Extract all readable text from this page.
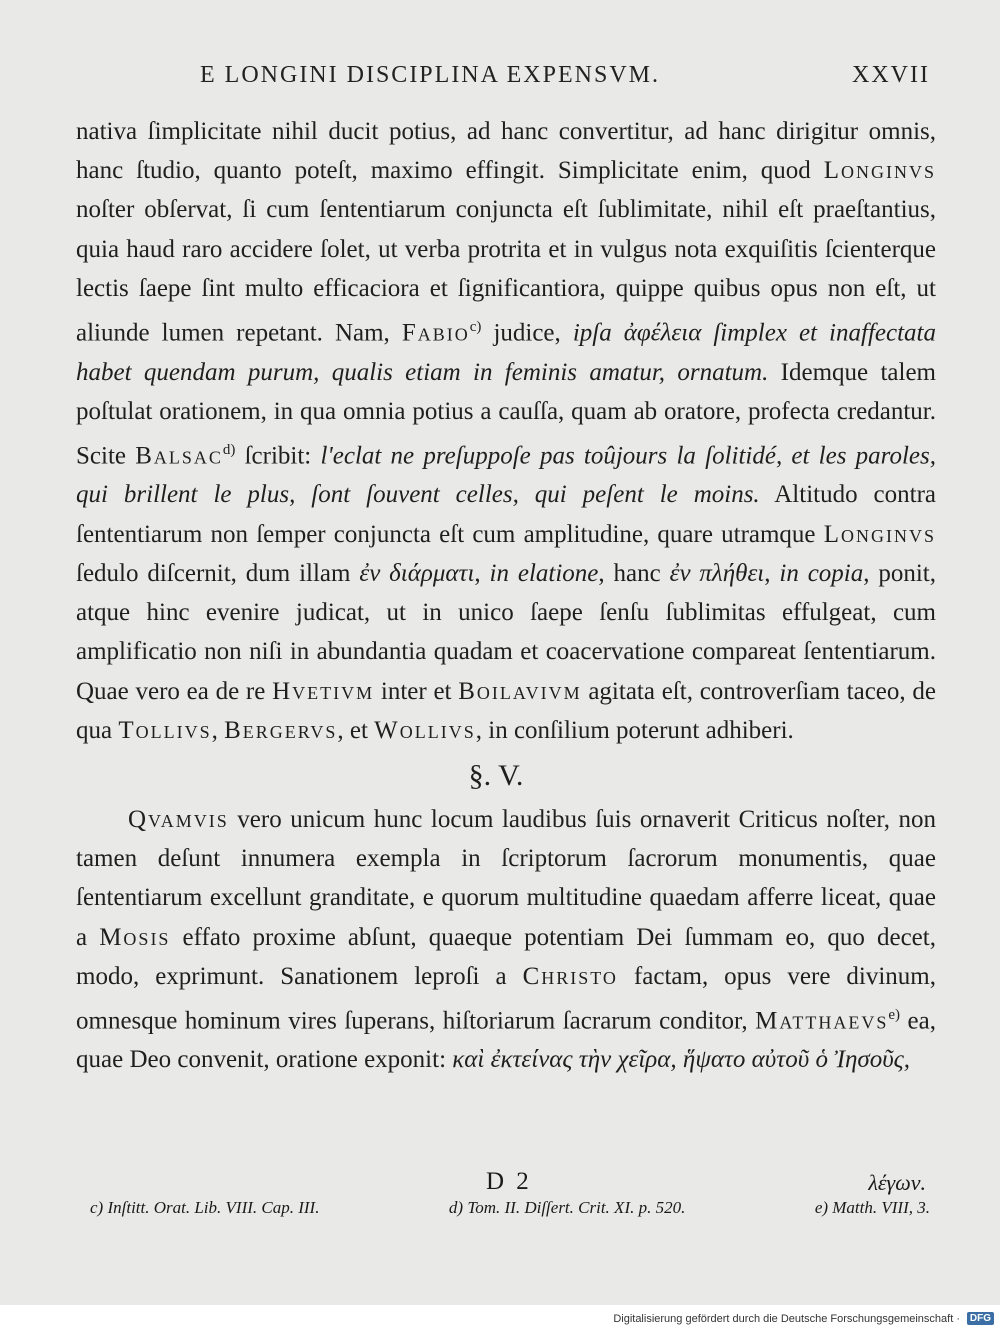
E LONGINI DISCIPLINA EXPENSVM.	XXVII

nativa ſimplicitate nihil ducit potius, ad hanc convertitur, ad hanc dirigitur omnis, hanc ſtudio, quanto poteſt, maximo effingit. Simplicitate enim, quod Longinvs noſter obſervat, ſi cum ſententiarum conjuncta eſt ſublimitate, nihil eſt praeſtantius, quia haud raro accidere ſolet, ut verba protrita et in vulgus nota exquiſitis ſcienterque lectis ſaepe ſint multo efficaciora et ſignificantiora, quippe quibus opus non eſt, ut aliunde lumen repetant. Nam, Fabio$^{c)}$ judice, ipſa ἀφέλεια ſimplex et inaffectata habet quendam purum, qualis etiam in feminis amatur, ornatum. Idemque talem poſtulat orationem, in qua omnia potius a cauſſa, quam ab oratore, profecta credantur. Scite Balsac$^{d)}$ ſcribit: l'eclat ne preſuppoſe pas toûjours la ſolitidé, et les paroles, qui brillent le plus, ſont ſouvent celles, qui peſent le moins. Altitudo contra ſententiarum non ſemper conjuncta eſt cum amplitudine, quare utramque Longinvs ſedulo diſcernit, dum illam ἐν διάρματι, in elatione, hanc ἐν πλήθει, in copia, ponit, atque hinc evenire judicat, ut in unico ſaepe ſenſu ſublimitas effulgeat, cum amplificatio non niſi in abundantia quadam et coacervatione compareat ſententiarum. Quae vero ea de re Hvetivm inter et Boilavivm agitata eſt, controverſiam taceo, de qua Tollivs, Bergervs, et Wollivs, in conſilium poterunt adhiberi.

§. V.

Qvamvis vero unicum hunc locum laudibus ſuis ornaverit Criticus noſter, non tamen deſunt innumera exempla in ſcriptorum ſacrorum monumentis, quae ſententiarum excellunt granditate, e quorum multitudine quaedam afferre liceat, quae a Mosis effato proxime abſunt, quaeque potentiam Dei ſummam eo, quo decet, modo, exprimunt. Sanationem leproſi a Christo factam, opus vere divinum, omnesque hominum vires ſuperans, hiſtoriarum ſacrarum conditor, Matthaevs$^{e)}$ ea, quae Deo convenit, oratione exponit: καὶ ἐκτείνας τὴν χεῖρα, ἥψατο αὐτοῦ ὁ Ἰησοῦς,

D 2	λέγων.
c) Inſtitt. Orat. Lib. VIII. Cap. III.	d) Tom. II. Diſſert. Crit. XI. p. 520.	e) Matth. VIII, 3.
Digitalisierung gefördert durch die Deutsche Forschungsgemeinschaft · DFG
